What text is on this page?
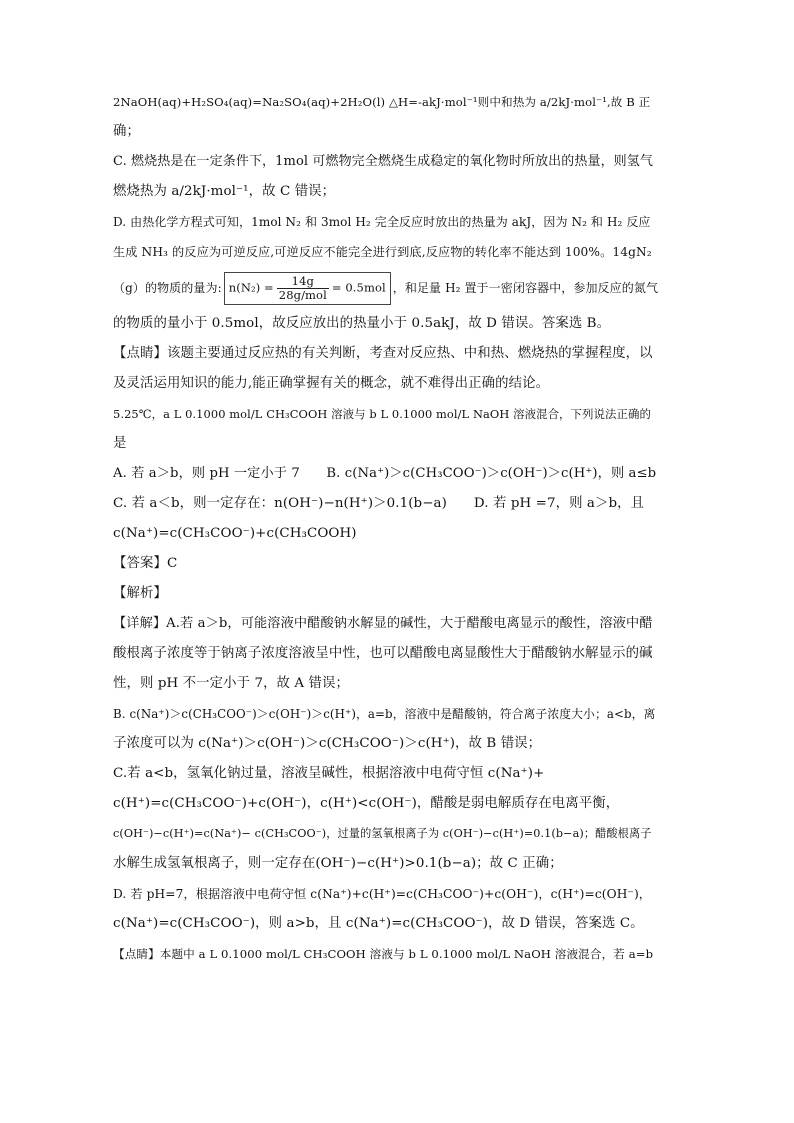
2NaOH(aq)+H₂SO₄(aq)=Na₂SO₄(aq)+2H₂O(l) △H=-akJ·mol⁻¹则中和热为 a/2kJ·mol⁻¹,故 B 正
确；
C. 燃烧热是在一定条件下，1mol 可燃物完全燃烧生成稳定的氧化物时所放出的热量，则氢气
燃烧热为 a/2kJ·mol⁻¹，故 C 错误；
D. 由热化学方程式可知，1mol N₂ 和 3mol H₂ 完全反应时放出的热量为 akJ，因为 N₂ 和 H₂ 反应
生成 NH₃ 的反应为可逆反应,可逆反应不能完全进行到底,反应物的转化率不能达到 100%。14gN₂
（g）的物质的量为: $n(N_2) = \frac{14g}{\text{28g/mol}} = 0.5mol$ ，和足量 H₂ 置于一密闭容器中，参加反应的氮气
的物质的量小于 0.5mol，故反应放出的热量小于 0.5akJ，故 D 错误。答案选 B。
【点睛】该题主要通过反应热的有关判断，考查对反应热、中和热、燃烧热的掌握程度，以
及灵活运用知识的能力,能正确掌握有关的概念，就不难得出正确的结论。
5.25℃，a L 0.1000 mol/L CH₃COOH 溶液与 b L 0.1000 mol/L NaOH 溶液混合，下列说法正确的
是
A. 若 a＞b，则 pH 一定小于 7　　B. c(Na⁺)＞c(CH₃COO⁻)＞c(OH⁻)＞c(H⁺)，则 a≤b
C. 若 a＜b，则一定存在：n(OH⁻)−n(H⁺)＞0.1(b−a)　　D. 若 pH =7，则 a＞b，且
c(Na⁺)=c(CH₃COO⁻)+c(CH₃COOH)
【答案】C
【解析】
【详解】A.若 a＞b，可能溶液中醋酸钠水解显的碱性，大于醋酸电离显示的酸性，溶液中醋
酸根离子浓度等于钠离子浓度溶液呈中性，也可以醋酸电离显酸性大于醋酸钠水解显示的碱
性，则 pH 不一定小于 7，故 A 错误；
B. c(Na⁺)＞c(CH₃COO⁻)＞c(OH⁻)＞c(H⁺)，a=b，溶液中是醋酸钠，符合离子浓度大小；a<b，离
子浓度可以为 c(Na⁺)＞c(OH⁻)＞c(CH₃COO⁻)＞c(H⁺)，故 B 错误；
C.若 a<b，氢氧化钠过量，溶液呈碱性，根据溶液中电荷守恒 c(Na⁺)+
c(H⁺)=c(CH₃COO⁻)+c(OH⁻)，c(H⁺)<c(OH⁻)，醋酸是弱电解质存在电离平衡，
c(OH⁻)−c(H⁺)=c(Na⁺)− c(CH₃COO⁻)，过量的氢氧根离子为 c(OH⁻)−c(H⁺)=0.1(b−a)；醋酸根离子
水解生成氢氧根离子，则一定存在(OH⁻)−c(H⁺)>0.1(b−a)；故 C 正确；
D. 若 pH=7，根据溶液中电荷守恒 c(Na⁺)+c(H⁺)=c(CH₃COO⁻)+c(OH⁻)，c(H⁺)=c(OH⁻)，
c(Na⁺)=c(CH₃COO⁻)，则 a>b，且 c(Na⁺)=c(CH₃COO⁻)，故 D 错误，答案选 C。
【点睛】本题中 a L 0.1000 mol/L CH₃COOH 溶液与 b L 0.1000 mol/L NaOH 溶液混合，若 a=b
